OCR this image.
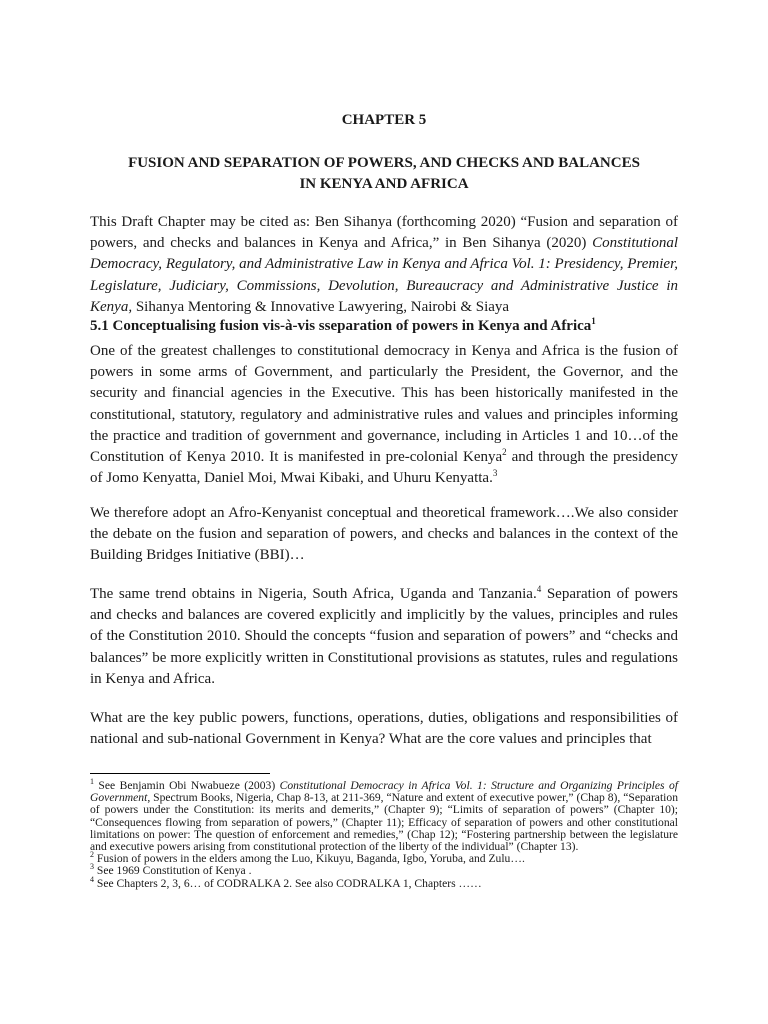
CHAPTER 5
FUSION AND SEPARATION OF POWERS, AND CHECKS AND BALANCES
IN KENYA AND AFRICA

This Draft Chapter may be cited as: Ben Sihanya (forthcoming 2020) “Fusion and separation of powers, and checks and balances in Kenya and Africa,” in Ben Sihanya (2020) Constitutional Democracy, Regulatory, and Administrative Law in Kenya and Africa Vol. 1: Presidency, Premier, Legislature, Judiciary, Commissions, Devolution, Bureaucracy and Administrative Justice in Kenya, Sihanya Mentoring & Innovative Lawyering, Nairobi & Siaya

5.1 Conceptualising fusion vis-à-vis sseparation of powers in Kenya and Africa$^1$

One of the greatest challenges to constitutional democracy in Kenya and Africa is the fusion of powers in some arms of Government, and particularly the President, the Governor, and the security and financial agencies in the Executive. This has been historically manifested in the constitutional, statutory, regulatory and administrative rules and values and principles informing the practice and tradition of government and governance, including in Articles 1 and 10…of the Constitution of Kenya 2010. It is manifested in pre-colonial Kenya$^2$ and through the presidency of Jomo Kenyatta, Daniel Moi, Mwai Kibaki, and Uhuru Kenyatta.$^3$

We therefore adopt an Afro-Kenyanist conceptual and theoretical framework….We also consider the debate on the fusion and separation of powers, and checks and balances in the context of the Building Bridges Initiative (BBI)…

The same trend obtains in Nigeria, South Africa, Uganda and Tanzania.$^4$ Separation of powers and checks and balances are covered explicitly and implicitly by the values, principles and rules of the Constitution 2010. Should the concepts “fusion and separation of powers” and “checks and balances” be more explicitly written in Constitutional provisions as statutes, rules and regulations in Kenya and Africa.

What are the key public powers, functions, operations, duties, obligations and responsibilities of national and sub-national Government in Kenya? What are the core values and principles that

$^1$ See Benjamin Obi Nwabueze (2003) Constitutional Democracy in Africa Vol. 1: Structure and Organizing Principles of Government, Spectrum Books, Nigeria, Chap 8-13, at 211-369, “Nature and extent of executive power,” (Chap 8), “Separation of powers under the Constitution: its merits and demerits,” (Chapter 9); “Limits of separation of powers” (Chapter 10); “Consequences flowing from separation of powers,” (Chapter 11); Efficacy of separation of powers and other constitutional limitations on power: The question of enforcement and remedies,” (Chap 12); “Fostering partnership between the legislature and executive powers arising from constitutional protection of the liberty of the individual” (Chapter 13).

$^2$ Fusion of powers in the elders among the Luo, Kikuyu, Baganda, Igbo, Yoruba, and Zulu….

$^3$ See 1969 Constitution of Kenya .

$^4$ See Chapters 2, 3, 6… of CODRALKA 2. See also CODRALKA 1, Chapters ……
